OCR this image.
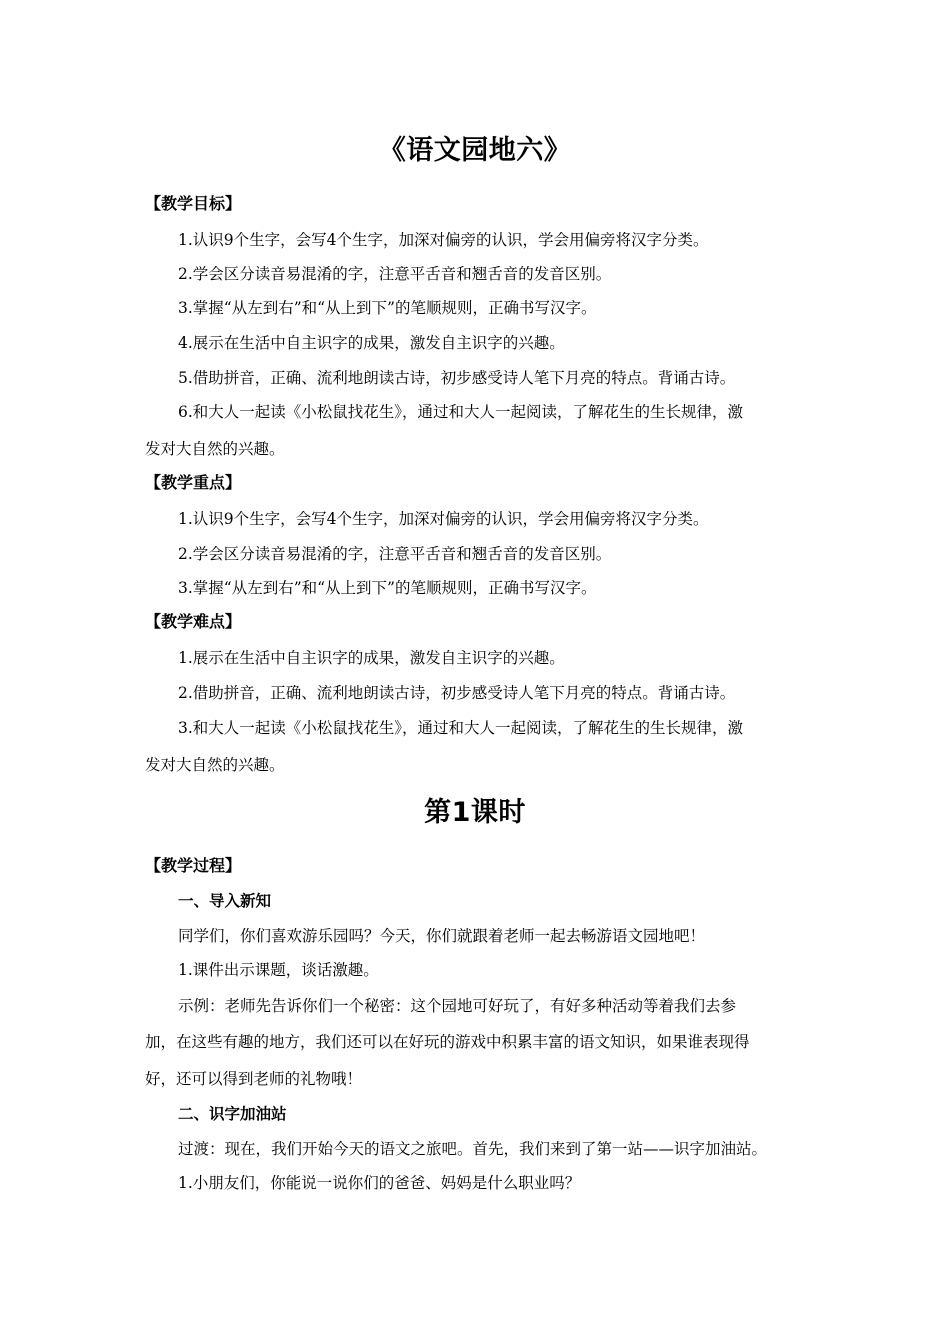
《语文园地六》
【教学目标】
1.认识9个生字，会写4个生字，加深对偏旁的认识，学会用偏旁将汉字分类。
2.学会区分读音易混淆的字，注意平舌音和翘舌音的发音区别。
3.掌握“从左到右”和“从上到下”的笔顺规则，正确书写汉字。
4.展示在生活中自主识字的成果，激发自主识字的兴趣。
5.借助拼音，正确、流利地朗读古诗，初步感受诗人笔下月亮的特点。背诵古诗。
6.和大人一起读《小松鼠找花生》，通过和大人一起阅读，了解花生的生长规律，激
发对大自然的兴趣。
【教学重点】
1.认识9个生字，会写4个生字，加深对偏旁的认识，学会用偏旁将汉字分类。
2.学会区分读音易混淆的字，注意平舌音和翘舌音的发音区别。
3.掌握“从左到右”和“从上到下”的笔顺规则，正确书写汉字。
【教学难点】
1.展示在生活中自主识字的成果，激发自主识字的兴趣。
2.借助拼音，正确、流利地朗读古诗，初步感受诗人笔下月亮的特点。背诵古诗。
3.和大人一起读《小松鼠找花生》，通过和大人一起阅读，了解花生的生长规律，激
发对大自然的兴趣。
第1课时
【教学过程】
一、导入新知
同学们，你们喜欢游乐园吗？今天，你们就跟着老师一起去畅游语文园地吧！
1.课件出示课题，谈话激趣。
示例：老师先告诉你们一个秘密：这个园地可好玩了，有好多种活动等着我们去参
加，在这些有趣的地方，我们还可以在好玩的游戏中积累丰富的语文知识，如果谁表现得
好，还可以得到老师的礼物哦！
二、识字加油站
过渡：现在，我们开始今天的语文之旅吧。首先，我们来到了第一站——识字加油站。
1.小朋友们，你能说一说你们的爸爸、妈妈是什么职业吗？
